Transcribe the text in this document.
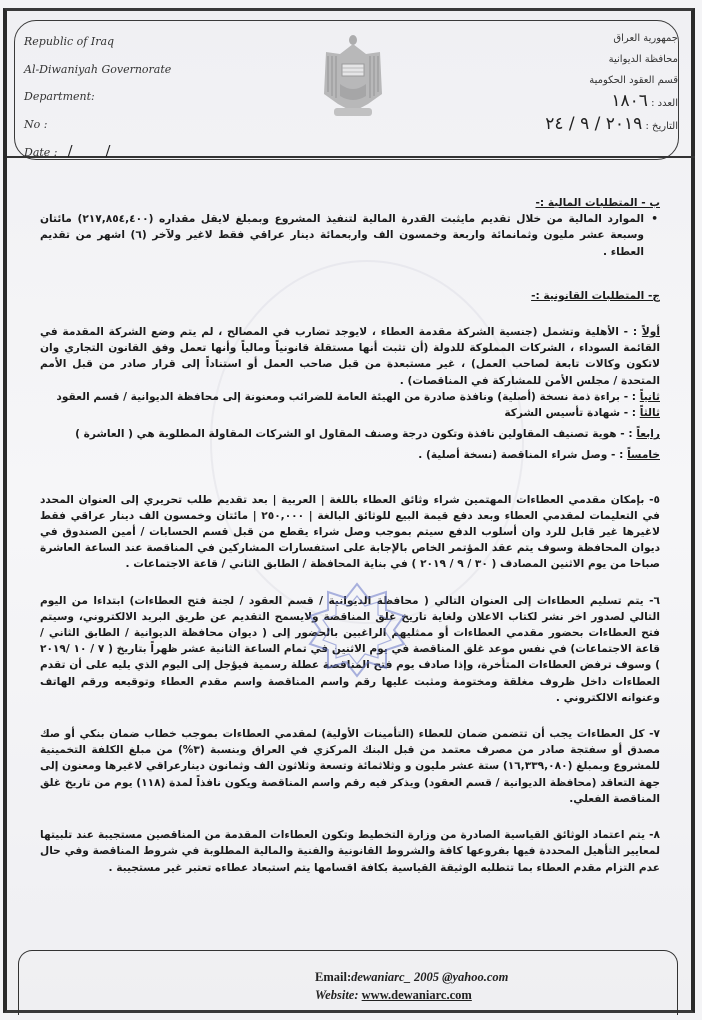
Republic of Iraq
Al-Diwaniyah Governorate
Department:
No :
Date : / /
جمهورية العراق
محافظة الديوانية
قسم العقود الحكومية
العدد : ١٨٠٦
التاريخ : ٢٠١٩ / ٩ / ٢٤
ب - المتطلبات المالية :-
• الموارد المالية من خلال تقديم مايثبت القدرة المالية لتنفيذ المشروع وبمبلغ لايقل مقداره (٢١٧,٨٥٤,٤٠٠) مائتان وسبعة عشر مليون وثمانمائة واربعة وخمسون الف واربعمائة دينار عراقي فقط لاغير ولآخر (٦) اشهر من تقديم العطاء .
ج- المتطلبات القانونية :-
أولاً : - الأهلية وتشمل (جنسية الشركة مقدمة العطاء ، لايوجد تضارب في المصالح ، لم يتم وضع الشركة المقدمة في القائمة السوداء ، الشركات المملوكة للدولة (أن تثبت أنها مستقلة قانونياً ومالياً وأنها تعمل وفق القانون التجاري وان لاتكون وكالات تابعة لصاحب العمل) ، غير مستبعدة من قبل صاحب العمل أو استناداً إلى قرار صادر من قبل الأمم المتحدة / مجلس الأمن للمشاركة في المناقصات) .
ثانياً : - براءة ذمة نسخة (أصلية) ونافذة صادرة من الهيئة العامة للضرائب ومعنونة إلى محافظة الديوانية / قسم العقود
ثالثاً : - شهادة تأسيس الشركة
رابعاً : - هوية تصنيف المقاولين نافذة وتكون درجة وصنف المقاول او الشركات المقاولة المطلوبة هي ( العاشرة )
خامساً : - وصل شراء المناقصة (نسخة أصلية) .
٥- بإمكان مقدمي العطاءات المهتمين شراء وثائق العطاء باللغة | العربية | بعد تقديم طلب تحريري إلى العنوان المحدد في التعليمات لمقدمي العطاء وبعد دفع قيمة البيع للوثائق البالغة | ٢٥٠,٠٠٠ | مائتان وخمسون الف دينار عراقي فقط لاغيرها غير قابل للرد وان أسلوب الدفع سيتم بموجب وصل شراء يقطع من قبل قسم الحسابات / أمين الصندوق في ديوان المحافظة وسوف يتم عقد المؤتمر الخاص بالإجابة على استفسارات المشاركين في المناقصة عند الساعة العاشرة صباحا من يوم الاثنين المصادف ( ٣٠ / ٩ / ٢٠١٩ ) في بناية المحافظة / الطابق الثاني / قاعة الاجتماعات .
٦- يتم تسليم العطاءات إلى العنوان التالي ( محافظة الديوانية / قسم العقود / لجنة فتح العطاءات) ابتداءا من اليوم التالي لصدور اخر نشر لكتاب الاعلان ولغاية تاريخ غلق المناقصة ولايسمح التقديم عن طريق البريد الالكتروني، وسيتم فتح العطاءات بحضور مقدمي العطاءات أو ممثليهم الراغبين بالحضور إلى ( ديوان محافظة الديوانية / الطابق الثاني / قاعة الاجتماعات) في نفس موعد غلق المناقصة في يوم الاثنين في تمام الساعة الثانية عشر ظهراً بتاريخ ( ٧ / ١٠ /٢٠١٩ ) وسوف ترفض العطاءات المتأخرة، وإذا صادف يوم فتح المناقصة عطلة رسمية فيؤجل إلى اليوم الذي يليه على أن تقدم العطاءات داخل ظروف مغلقة ومختومة ومثبت عليها رقم واسم المناقصة واسم مقدم العطاء وتوقيعه ورقم الهاتف وعنوانه الالكتروني .
٧- كل العطاءات يجب أن تتضمن ضمان للعطاء (التأمينات الأولية) لمقدمي العطاءات بموجب خطاب ضمان بنكي أو صك مصدق أو سفتجة صادر من مصرف معتمد من قبل البنك المركزي في العراق وبنسبة (٣%) من مبلغ الكلفة التخمينية للمشروع وبمبلغ (١٦,٣٣٩,٠٨٠) ستة عشر مليون و وثلاثمائة وتسعة وثلاثون الف وثمانون دينارعراقي لاغيرها ومعنون إلى جهة التعاقد (محافظة الديوانية / قسم العقود) ويذكر فيه رقم واسم المناقصة ويكون نافذاً لمدة (١١٨) يوم من تاريخ غلق المناقصة الفعلي.
٨- يتم اعتماد الوثائق القياسية الصادرة من وزارة التخطيط وتكون العطاءات المقدمة من المناقصين مستجيبة عند تلبيتها لمعايير التأهيل المحددة فيها بفروعها كافة والشروط القانونية والفنية والمالية المطلوبة في شروط المناقصة وفي حال عدم التزام مقدم العطاء بما تتطلبه الوثيقة القياسية بكافة اقسامها يتم استبعاد عطاءه تعتبر غير مستجيبة .
Email:dewaniarc_ 2005 @yahoo.com
Website: www.dewaniarc.com
